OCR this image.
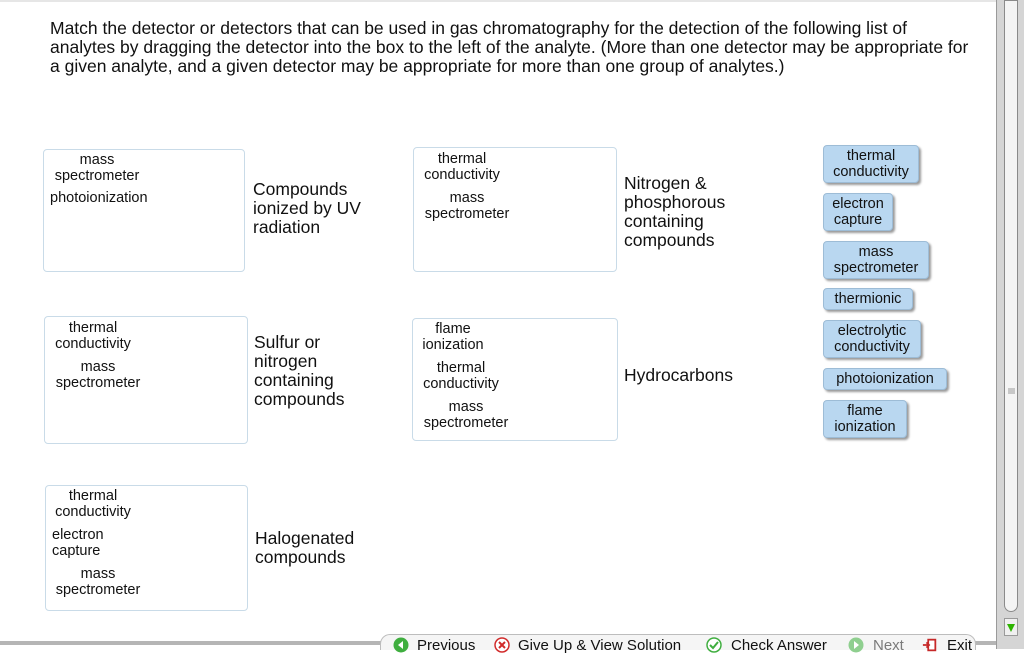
Match the detector or detectors that can be used in gas chromatography for the detection of the following list of analytes by dragging the detector into the box to the left of the analyte. (More than one detector may be appropriate for a given analyte, and a given detector may be appropriate for more than one group of analytes.)

mass
spectrometer
photoionization	Compounds ionized by UV radiation
thermal
conductivity
mass
spectrometer
Nitrogen & phosphorous containing compounds
thermal
conductivity
mass
spectrometer
Sulfur or nitrogen containing compounds
flame
ionization
thermal
conductivity
mass
spectrometer
Hydrocarbons
thermal
conductivity
electron
capture
mass
spectrometer
Halogenated compounds
thermal conductivity
electron capture
mass spectrometer
thermionic
electrolytic conductivity
photoionization
flame ionization
Previous	Give Up & View Solution	Check Answer	Next	Exit
